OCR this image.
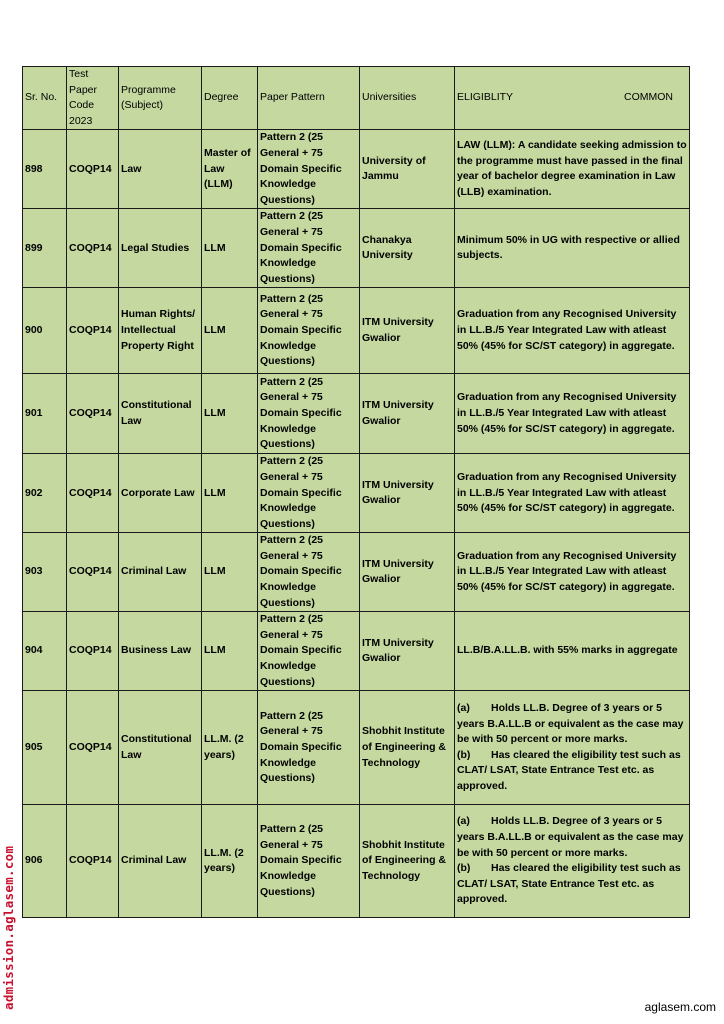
Sr. No.	Test Paper Code 2023	Programme (Subject)	Degree	Paper Pattern	Universities	ELIGIBLITY COMMON

898	COQP14	Law	Master of Law (LLM)	Pattern 2 (25 General + 75 Domain Specific Knowledge Questions)	University of Jammu	LAW (LLM): A candidate seeking admission to the programme must have passed in the final year of bachelor degree examination in Law (LLB) examination.
899	COQP14	Legal Studies	LLM	Pattern 2 (25 General + 75 Domain Specific Knowledge Questions)	Chanakya University	Minimum 50% in UG with respective or allied subjects.
900	COQP14	Human Rights/ Intellectual Property Right	LLM	Pattern 2 (25 General + 75 Domain Specific Knowledge Questions)	ITM University Gwalior	Graduation from any Recognised University in LL.B./5 Year Integrated Law with atleast 50% (45% for SC/ST category) in aggregate.
901	COQP14	Constitutional Law	LLM	Pattern 2 (25 General + 75 Domain Specific Knowledge Questions)	ITM University Gwalior	Graduation from any Recognised University in LL.B./5 Year Integrated Law with atleast 50% (45% for SC/ST category) in aggregate.
902	COQP14	Corporate Law	LLM	Pattern 2 (25 General + 75 Domain Specific Knowledge Questions)	ITM University Gwalior	Graduation from any Recognised University in LL.B./5 Year Integrated Law with atleast 50% (45% for SC/ST category) in aggregate.
903	COQP14	Criminal Law	LLM	Pattern 2 (25 General + 75 Domain Specific Knowledge Questions)	ITM University Gwalior	Graduation from any Recognised University in LL.B./5 Year Integrated Law with atleast 50% (45% for SC/ST category) in aggregate.
904	COQP14	Business Law	LLM	Pattern 2 (25 General + 75 Domain Specific Knowledge Questions)	ITM University Gwalior	LL.B/B.A.LL.B. with 55% marks in aggregate
905	COQP14	Constitutional Law	LL.M. (2 years)	Pattern 2 (25 General + 75 Domain Specific Knowledge Questions)	Shobhit Institute of Engineering & Technology	(a) Holds LL.B. Degree of 3 years or 5 years B.A.LL.B or equivalent as the case may be with 50 percent or more marks.
(b) Has cleared the eligibility test such as CLAT/ LSAT, State Entrance Test etc. as approved.

906	COQP14	Criminal Law	LL.M. (2 years)	Pattern 2 (25 General + 75 Domain Specific Knowledge Questions)	Shobhit Institute of Engineering & Technology	(a) Holds LL.B. Degree of 3 years or 5 years B.A.LL.B or equivalent as the case may be with 50 percent or more marks.
(b) Has cleared the eligibility test such as CLAT/ LSAT, State Entrance Test etc. as approved.
admission.aglasem.com	aglasem.com
